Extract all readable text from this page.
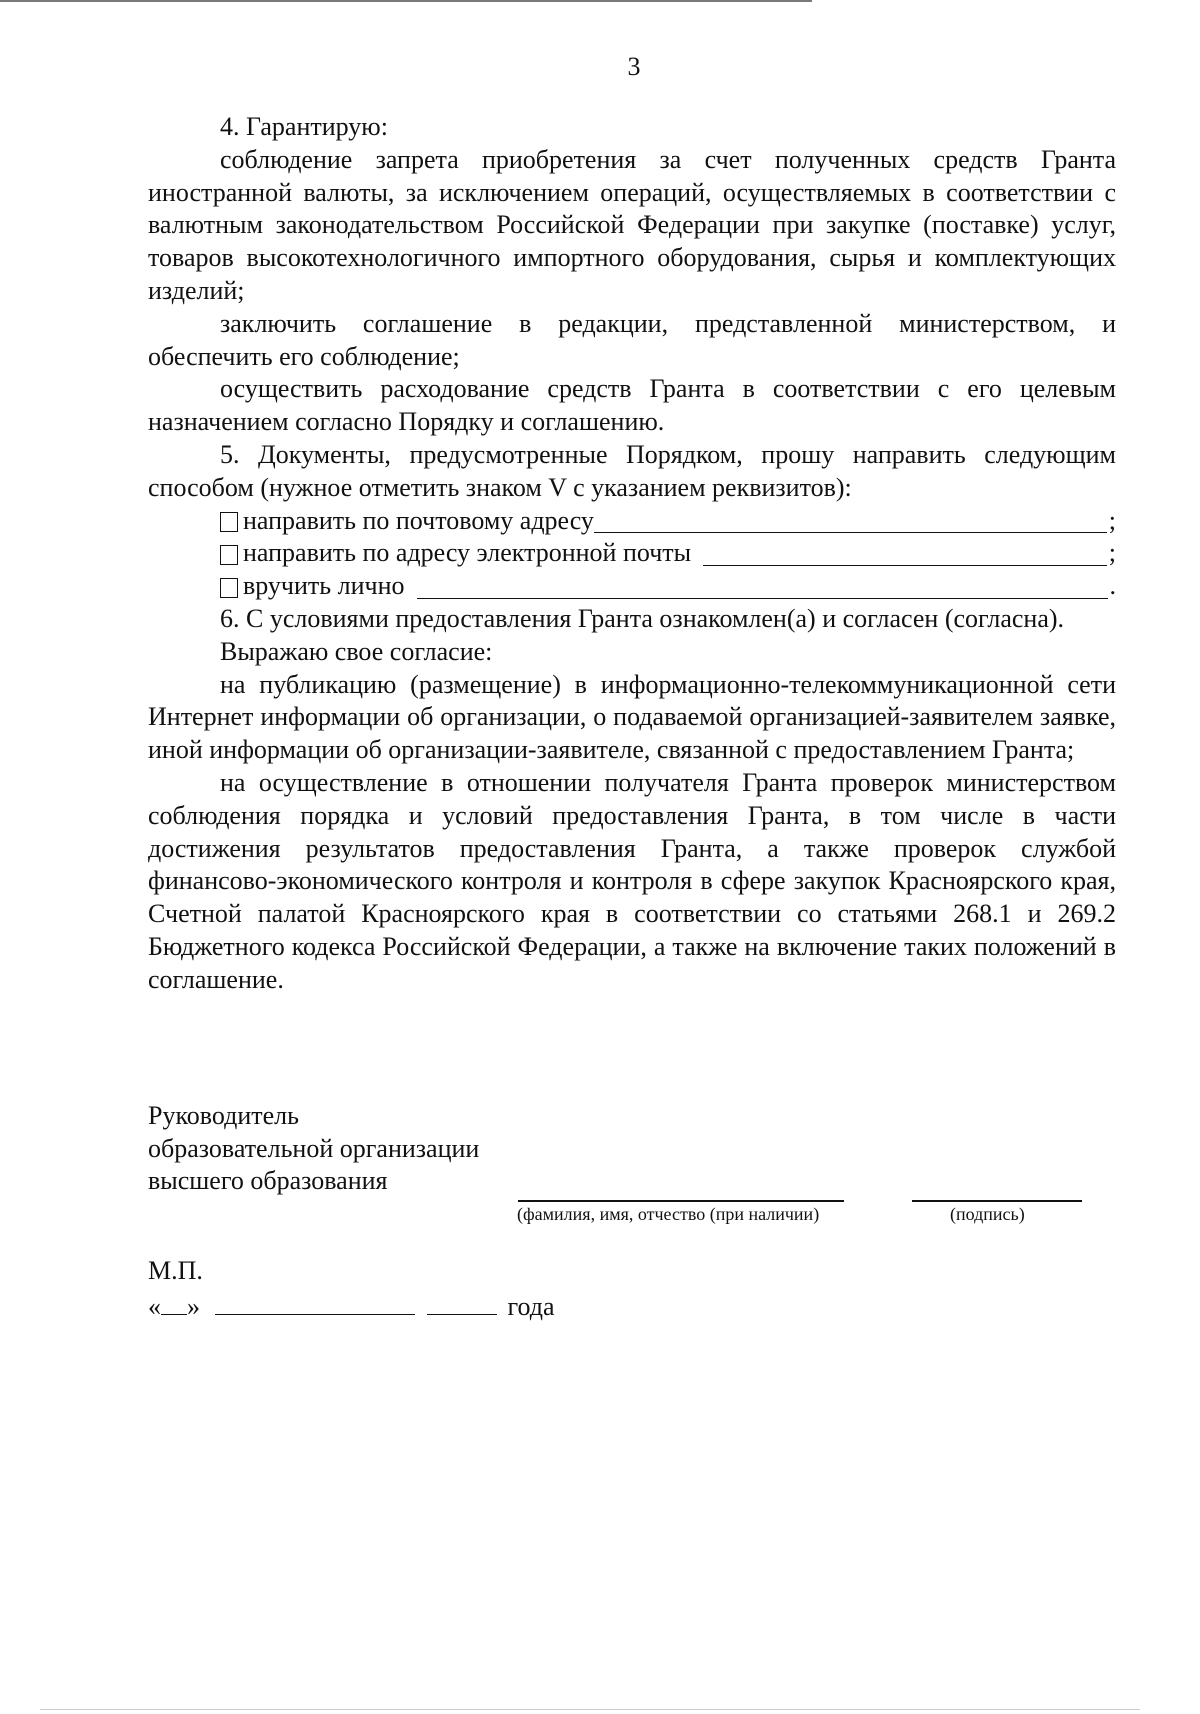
3

4. Гарантирую:

соблюдение запрета приобретения за счет полученных средств Гранта иностранной валюты, за исключением операций, осуществляемых в соответствии с валютным законодательством Российской Федерации при закупке (поставке) услуг, товаров высокотехнологичного импортного оборудования, сырья и комплектующих изделий;

заключить соглашение в редакции, представленной министерством, и обеспечить его соблюдение;

осуществить расходование средств Гранта в соответствии с его целевым назначением согласно Порядку и соглашению.

5. Документы, предусмотренные Порядком, прошу направить следующим способом (нужное отметить знаком V с указанием реквизитов):

направить по почтовому адресу	;
направить по адресу электронной почты	;
вручить лично	.

6. С условиями предоставления Гранта ознакомлен(а) и согласен (согласна).

Выражаю свое согласие:

на публикацию (размещение) в информационно-телекоммуникационной сети Интернет информации об организации, о подаваемой организацией-заявителем заявке, иной информации об организации-заявителе, связанной с предоставлением Гранта;

на осуществление в отношении получателя Гранта проверок министерством соблюдения порядка и условий предоставления Гранта, в том числе в части достижения результатов предоставления Гранта, а также проверок службой финансово-экономического контроля и контроля в сфере закупок Красноярского края, Счетной палатой Красноярского края в соответствии со статьями 268.1 и 269.2 Бюджетного кодекса Российской Федерации, а также на включение таких положений в соглашение.

Руководитель
образовательной организации
высшего образования
(фамилия, имя, отчество (при наличии)	(подпись)
М.П.
« »	года
